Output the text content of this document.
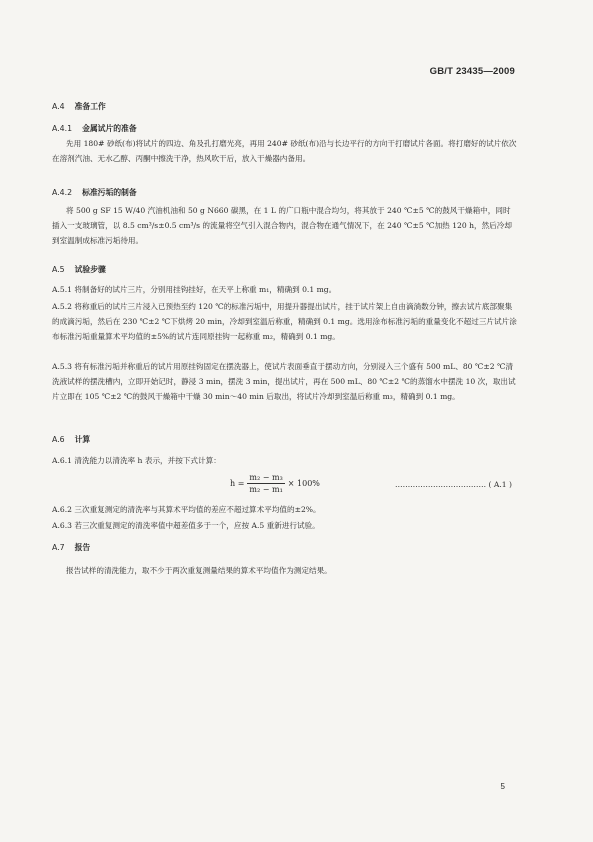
GB/T 23435—2009
A.4 准备工作
A.4.1 金属试片的准备
先用 180# 砂纸(布)将试片的四边、角及孔打磨光亮，再用 240# 砂纸(布)沿与长边平行的方向干打磨试片各面。将打磨好的试片依次在溶剂汽油、无水乙醇、丙酮中擦洗干净，热风吹干后，放入干燥器内备用。
A.4.2 标准污垢的制备
将 500 g SF 15 W/40 汽油机油和 50 g N660 碳黑，在 1 L 的广口瓶中混合均匀，将其放于 240 ℃±5 ℃的鼓风干燥箱中，同时插入一支玻璃管，以 8.5 cm³/s±0.5 cm³/s 的流量将空气引入混合物内，混合物在通气情况下，在 240 ℃±5 ℃加热 120 h，然后冷却到室温制成标准污垢待用。
A.5 试验步骤
A.5.1 将制备好的试片三片，分别用挂钩挂好，在天平上称重 m₁，精确到 0.1 mg。
A.5.2 将称重后的试片三片浸入已预热至约 120 ℃的标准污垢中，用提升器提出试片，挂于试片架上自由滴淌数分钟，擦去试片底部聚集的成滴污垢，然后在 230 ℃±2 ℃下烘烤 20 min，冷却到室温后称重，精确到 0.1 mg。选用涂布标准污垢的重量变化不超过三片试片涂布标准污垢重量算术平均值的±5%的试片连同原挂钩一起称重 m₂，精确到 0.1 mg。
A.5.3 将有标准污垢并称重后的试片用原挂钩固定在摆洗器上，使试片表面垂直于摆动方向，分别浸入三个盛有 500 mL、80 ℃±2 ℃清洗液试样的摆洗槽内，立即开始记时，静浸 3 min，摆洗 3 min，提出试片，再在 500 mL、80 ℃±2 ℃的蒸馏水中摆洗 10 次，取出试片立即在 105 ℃±2 ℃的鼓风干燥箱中干燥 30 min～40 min 后取出，将试片冷却到室温后称重 m₃，精确到 0.1 mg。
A.6 计算
A.6.1 清洗能力以清洗率 h 表示，并按下式计算：
$h = \frac{\text{m₂ − m₃}}{\text{m₂ − m₁}} \times 100\%$	……………………………… ( A.1 )
A.6.2 三次重复测定的清洗率与其算术平均值的差应不超过算术平均值的±2%。
A.6.3 若三次重复测定的清洗率值中超差值多于一个，应按 A.5 重新进行试验。
A.7 报告
报告试样的清洗能力，取不少于两次重复测量结果的算术平均值作为测定结果。
5
